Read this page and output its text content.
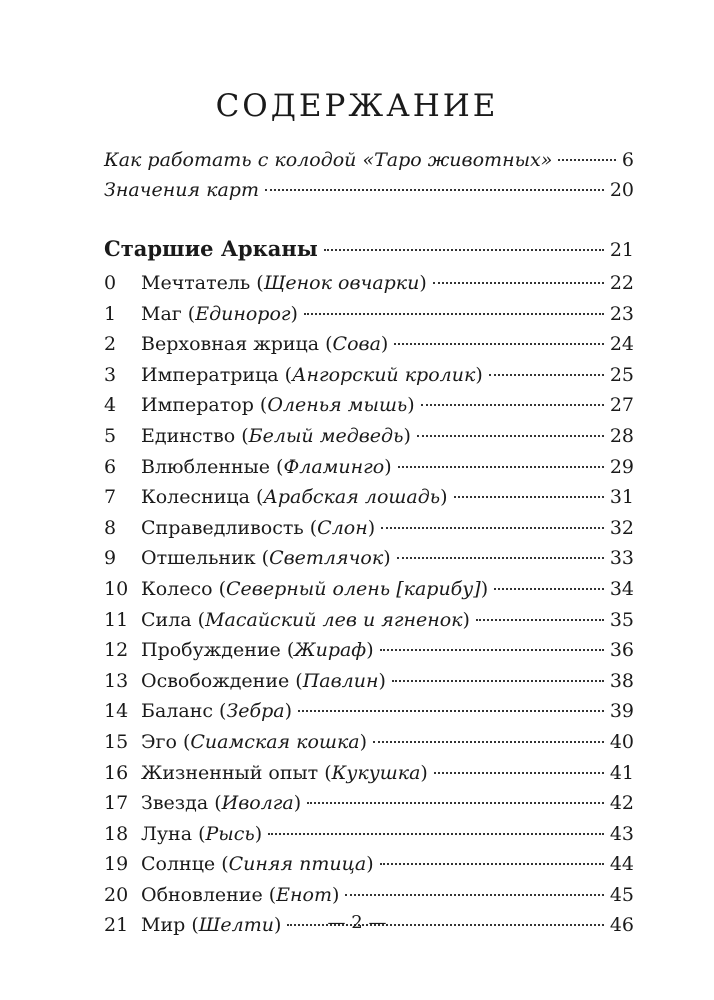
СОДЕРЖАНИЕ
Как работать с колодой «Таро животных»	6
Значения карт	20
Старшие Арканы	21
0	Мечтатель (Щенок овчарки)	22
1	Маг (Единорог)	23
2	Верховная жрица (Сова)	24
3	Императрица (Ангорский кролик)	25
4	Император (Оленья мышь)	27
5	Единство (Белый медведь)	28
6	Влюбленные (Фламинго)	29
7	Колесница (Арабская лошадь)	31
8	Справедливость (Слон)	32
9	Отшельник (Светлячок)	33
10 Колесо (Северный олень [карибу])	34
11 Сила (Масайский лев и ягненок)	35
12 Пробуждение (Жираф)	36
13 Освобождение (Павлин)	38
14 Баланс (Зебра)	39
15 Эго (Сиамская кошка)	40
16 Жизненный опыт (Кукушка)	41
17 Звезда (Иволга)	42
18 Луна (Рысь)	43
19 Солнце (Синяя птица)	44
20 Обновление (Енот)	45
21 Мир (Шелти)	46
— 2 —
